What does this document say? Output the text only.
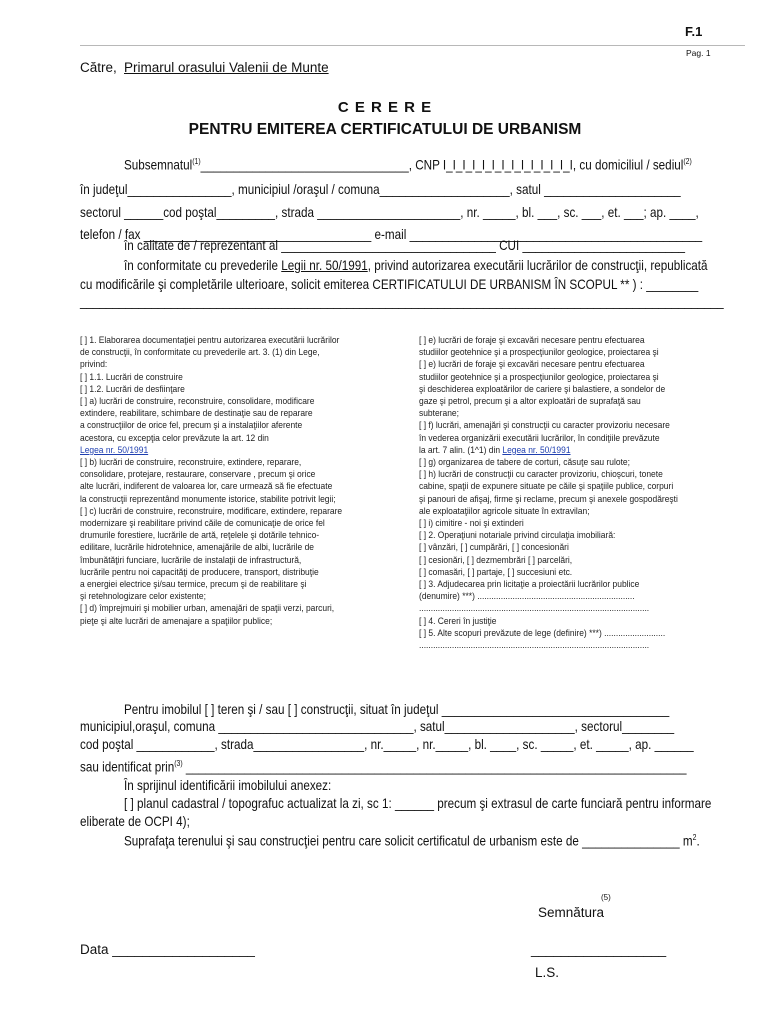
F.1
Pag. 1
Către, Primarul orasului Valenii de Munte
C E R E R E
PENTRU EMITEREA CERTIFICATULUI DE URBANISM
Subsemnatul$^{(1)}$________________________________, CNP I_I_I_I_I_I_I_I_I_I_I_I_I_I, cu domiciliul / sediul$^{(2)}$
în judeţul________________, municipiul /oraşul / comuna____________________, satul _____________________
sectorul ______cod poştal_________, strada ______________________, nr. _____, bl. ___, sc. ___, et. ___; ap. ____,
telefon / fax ___________________________________ e-mail _____________________________________________
în calitate de / reprezentant al _________________________________ CUI _________________________
în conformitate cu prevederile Legii nr. 50/1991, privind autorizarea executării lucrărilor de construcţii, republicată
cu modificările şi completările ulterioare, solicit emiterea CERTIFICATULUI DE URBANISM ÎN SCOPUL ** ) : ________
___________________________________________________________________________________________________
[ ] 1. Elaborarea documentaţiei pentru autorizarea executării lucrărilor
de construcţii, în conformitate cu prevederile art. 3. (1) din Lege,
privind:
[ ] 1.1. Lucrări de construire
[ ] 1.2. Lucrări de desfiinţare
[ ] a) lucrări de construire, reconstruire, consolidare, modificare
extindere, reabilitare, schimbare de destinaţie sau de reparare
a construcţiilor de orice fel, precum şi a instalaţiilor aferente
acestora, cu excepţia celor prevăzute la art. 12 din
Legea nr. 50/1991
[ ] b) lucrări de construire, reconstruire, extindere, reparare,
consolidare, protejare, restaurare, conservare , precum şi orice
alte lucrări, indiferent de valoarea lor, care urmează să fie efectuate
la construcţii reprezentând monumente istorice, stabilite potrivit legii;
[ ] c) lucrări de construire, reconstruire, modificare, extindere, reparare
modernizare şi reabilitare privind căile de comunicaţie de orice fel
drumurile forestiere, lucrările de artă, reţelele şi dotările tehnico-
edilitare, lucrările hidrotehnice, amenajările de albi, lucrările de
îmbunătăţiri funciare, lucrările de instalaţii de infrastructură,
lucrările pentru noi capacităţi de producere, transport, distribuţie
a energiei electrice şi/sau termice, precum şi de reabilitare şi
şi retehnologizare celor existente;
[ ] d) împrejmuiri şi mobilier urban, amenajări de spaţii verzi, parcuri,
pieţe şi alte lucrări de amenajare a spaţiilor publice;
[ ] e) lucrări de foraje şi excavări necesare pentru efectuarea
studiilor geotehnice şi a prospecţiunilor geologice, proiectarea şi
[ ] e) lucrări de foraje şi excavări necesare pentru efectuarea
studiilor geotehnice şi a prospecţiunilor geologice, proiectarea şi
şi deschiderea exploatărilor de cariere şi balastiere, a sondelor de
gaze şi petrol, precum şi a altor exploatări de suprafaţă sau
subterane;
[ ] f) lucrări, amenajări şi construcţii cu caracter provizoriu necesare
în vederea organizării executării lucrărilor, în condiţiile prevăzute
la art. 7 alin. (1^1) din Legea nr. 50/1991
[ ] g) organizarea de tabere de corturi, căsuţe sau rulote;
[ ] h) lucrări de construcţii cu caracter provizoriu, chioşcuri, tonete
cabine, spaţii de expunere situate pe căile şi spaţiile publice, corpuri
şi panouri de afişaj, firme şi reclame, precum şi anexele gospodăreşti
ale exploataţiilor agricole situate în extravilan;
[ ] i) cimitire - noi şi extinderi
[ ] 2. Operaţiuni notariale privind circulaţia imobiliară:
[ ] vânzări, [ ] cumpărări, [ ] concesionări
[ ] cesionări, [ ] dezmembrări [ ] parcelări,
[ ] comasări, [ ] partaje, [ ] succesiuni etc.
[ ] 3. Adjudecarea prin licitaţie a proiectării lucrărilor publice
(denumire) ***) ...................................................................
..................................................................................................
[ ] 4. Cereri în justiţie
[ ] 5. Alte scopuri prevăzute de lege (definire) ***) ..........................
..................................................................................................
Pentru imobilul [ ] teren şi / sau [ ] construcţii, situat în judeţul ___________________________________
municipiul,oraşul, comuna ______________________________, satul____________________, sectorul________
cod poştal ____________, strada_________________, nr._____, nr._____, bl. ____, sc. _____, et. _____, ap. ______
sau identificat prin$^{(3)}$ _____________________________________________________________________________
În sprijinul identificării imobilului anexez:
[ ] planul cadastral / topografuc actualizat la zi, sc 1: ______ precum şi extrasul de carte funciară pentru informare
eliberate de OCPI 4);
Suprafaţa terenului şi sau construcţiei pentru care solicit certificatul de urbanism este de _______________ $m^2$.
(5)
Semnătura
Data ___________________	__________________
L.S.
